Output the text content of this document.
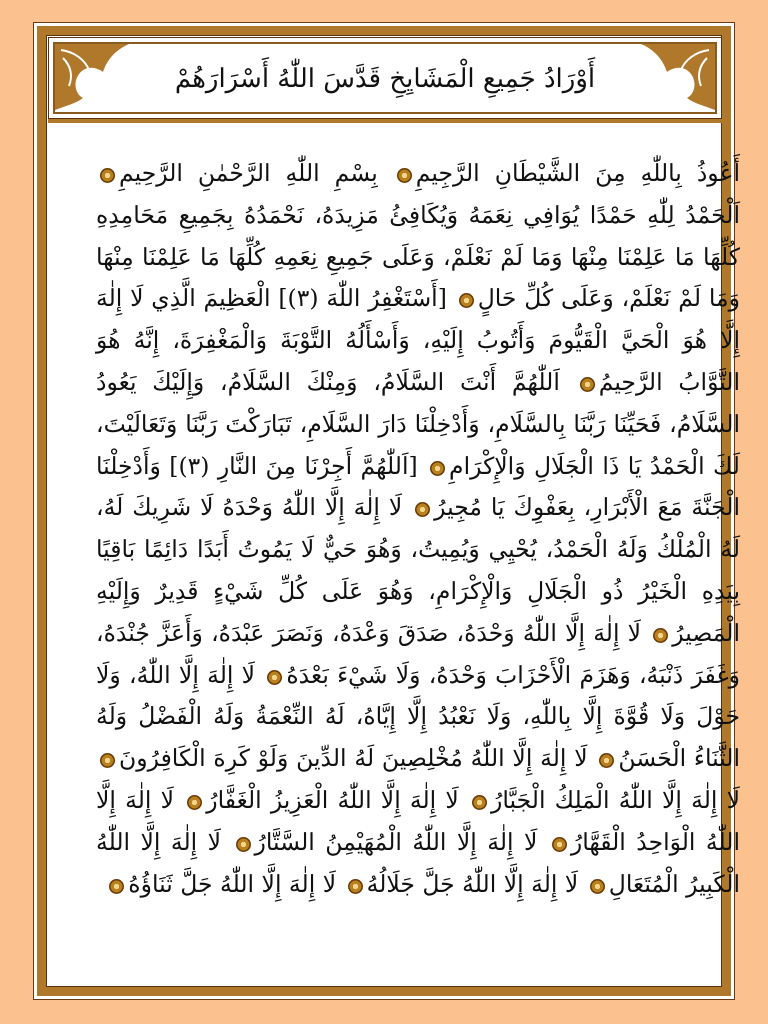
أَوْرَادُ جَمِيعِ الْمَشَايِخِ قَدَّسَ اللّٰهُ أَسْرَارَهُمْ

أَعُوذُ بِاللّٰهِ مِنَ الشَّيْطَانِ الرَّجِيمِ بِسْمِ اللّٰهِ الرَّحْمٰنِ الرَّحِيمِ اَلْحَمْدُ لِلّٰهِ حَمْدًا يُوَافِي نِعَمَهُ وَيُكَافِئُ مَزِيدَهُ، نَحْمَدُهُ بِجَمِيعِ مَحَامِدِهِ كُلِّهَا مَا عَلِمْنَا مِنْهَا وَمَا لَمْ نَعْلَمْ، وَعَلَى جَمِيعِ نِعَمِهِ كُلِّهَا مَا عَلِمْنَا مِنْهَا وَمَا لَمْ نَعْلَمْ، وَعَلَى كُلِّ حَالٍ [أَسْتَغْفِرُ اللّٰهَ (٣)] الْعَظِيمَ الَّذِي لَا إِلٰهَ إِلَّا هُوَ الْحَيَّ الْقَيُّومَ وَأَتُوبُ إِلَيْهِ، وَأَسْأَلُهُ التَّوْبَةَ وَالْمَغْفِرَةَ، إِنَّهُ هُوَ التَّوَّابُ الرَّحِيمُ اَللّٰهُمَّ أَنْتَ السَّلَامُ، وَمِنْكَ السَّلَامُ، وَإِلَيْكَ يَعُودُ السَّلَامُ، فَحَيِّنَا رَبَّنَا بِالسَّلَامِ، وَأَدْخِلْنَا دَارَ السَّلَامِ، تَبَارَكْتَ رَبَّنَا وَتَعَالَيْتَ، لَكَ الْحَمْدُ يَا ذَا الْجَلَالِ وَالْإِكْرَامِ [اَللّٰهُمَّ أَجِرْنَا مِنَ النَّارِ (٣)] وَأَدْخِلْنَا الْجَنَّةَ مَعَ الْأَبْرَارِ، بِعَفْوِكَ يَا مُجِيرُ لَا إِلٰهَ إِلَّا اللّٰهُ وَحْدَهُ لَا شَرِيكَ لَهُ، لَهُ الْمُلْكُ وَلَهُ الْحَمْدُ، يُحْيِي وَيُمِيتُ، وَهُوَ حَيٌّ لَا يَمُوتُ أَبَدًا دَائِمًا بَاقِيًا بِيَدِهِ الْخَيْرُ ذُو الْجَلَالِ وَالْإِكْرَامِ، وَهُوَ عَلَى كُلِّ شَيْءٍ قَدِيرٌ وَإِلَيْهِ الْمَصِيرُ لَا إِلٰهَ إِلَّا اللّٰهُ وَحْدَهُ، صَدَقَ وَعْدَهُ، وَنَصَرَ عَبْدَهُ، وَأَعَزَّ جُنْدَهُ، وَغَفَرَ ذَنْبَهُ، وَهَزَمَ الْأَحْزَابَ وَحْدَهُ، وَلَا شَيْءَ بَعْدَهُ لَا إِلٰهَ إِلَّا اللّٰهُ، وَلَا حَوْلَ وَلَا قُوَّةَ إِلَّا بِاللّٰهِ، وَلَا نَعْبُدُ إِلَّا إِيَّاهُ، لَهُ النِّعْمَةُ وَلَهُ الْفَضْلُ وَلَهُ الثَّنَاءُ الْحَسَنُ لَا إِلٰهَ إِلَّا اللّٰهُ مُخْلِصِينَ لَهُ الدِّينَ وَلَوْ كَرِهَ الْكَافِرُونَ لَا إِلٰهَ إِلَّا اللّٰهُ الْمَلِكُ الْجَبَّارُ لَا إِلٰهَ إِلَّا اللّٰهُ الْعَزِيزُ الْغَفَّارُ لَا إِلٰهَ إِلَّا اللّٰهُ الْوَاحِدُ الْقَهَّارُ لَا إِلٰهَ إِلَّا اللّٰهُ الْمُهَيْمِنُ السَّتَّارُ لَا إِلٰهَ إِلَّا اللّٰهُ الْكَبِيرُ الْمُتَعَالِ لَا إِلٰهَ إِلَّا اللّٰهُ جَلَّ جَلَالُهُ لَا إِلٰهَ إِلَّا اللّٰهُ جَلَّ ثَنَاؤُهُ
